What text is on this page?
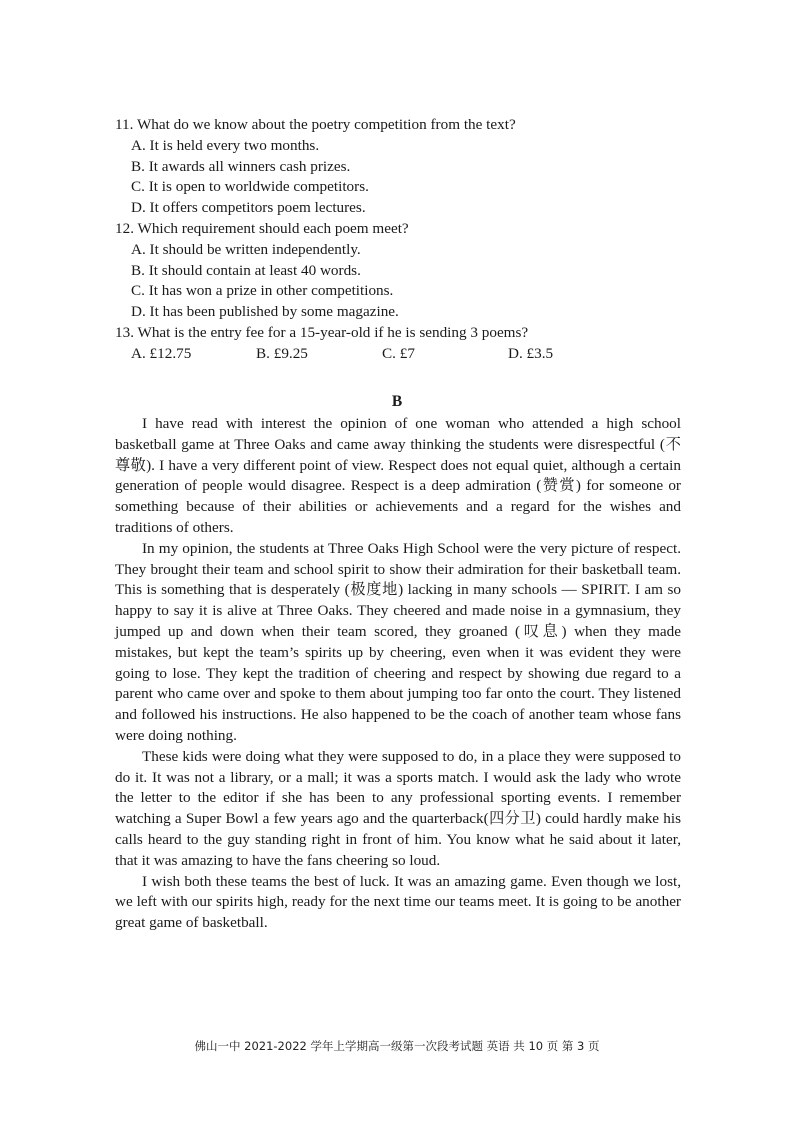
11. What do we know about the poetry competition from the text?

A. It is held every two months.

B. It awards all winners cash prizes.

C. It is open to worldwide competitors.

D. It offers competitors poem lectures.

12. Which requirement should each poem meet?

A. It should be written independently.

B. It should contain at least 40 words.

C. It has won a prize in other competitions.

D. It has been published by some magazine.

13. What is the entry fee for a 15-year-old if he is sending 3 poems?

A. £12.75	B. £9.25	C. £7	D. £3.5
B

I have read with interest the opinion of one woman who attended a high school basketball game at Three Oaks and came away thinking the students were disrespectful (不尊敬). I have a very different point of view. Respect does not equal quiet, although a certain generation of people would disagree. Respect is a deep admiration (赞赏) for someone or something because of their abilities or achievements and a regard for the wishes and traditions of others.

In my opinion, the students at Three Oaks High School were the very picture of respect. They brought their team and school spirit to show their admiration for their basketball team. This is something that is desperately (极度地) lacking in many schools — SPIRIT. I am so happy to say it is alive at Three Oaks. They cheered and made noise in a gymnasium, they jumped up and down when their team scored, they groaned (叹息) when they made mistakes, but kept the team’s spirits up by cheering, even when it was evident they were going to lose. They kept the tradition of cheering and respect by showing due regard to a parent who came over and spoke to them about jumping too far onto the court. They listened and followed his instructions. He also happened to be the coach of another team whose fans were doing nothing.

These kids were doing what they were supposed to do, in a place they were supposed to do it. It was not a library, or a mall; it was a sports match. I would ask the lady who wrote the letter to the editor if she has been to any professional sporting events. I remember watching a Super Bowl a few years ago and the quarterback(四分卫) could hardly make his calls heard to the guy standing right in front of him. You know what he said about it later, that it was amazing to have the fans cheering so loud.

I wish both these teams the best of luck. It was an amazing game. Even though we lost, we left with our spirits high, ready for the next time our teams meet. It is going to be another great game of basketball.

佛山一中 2021-2022 学年上学期高一级第一次段考试题 英语 共 10 页 第 3 页
